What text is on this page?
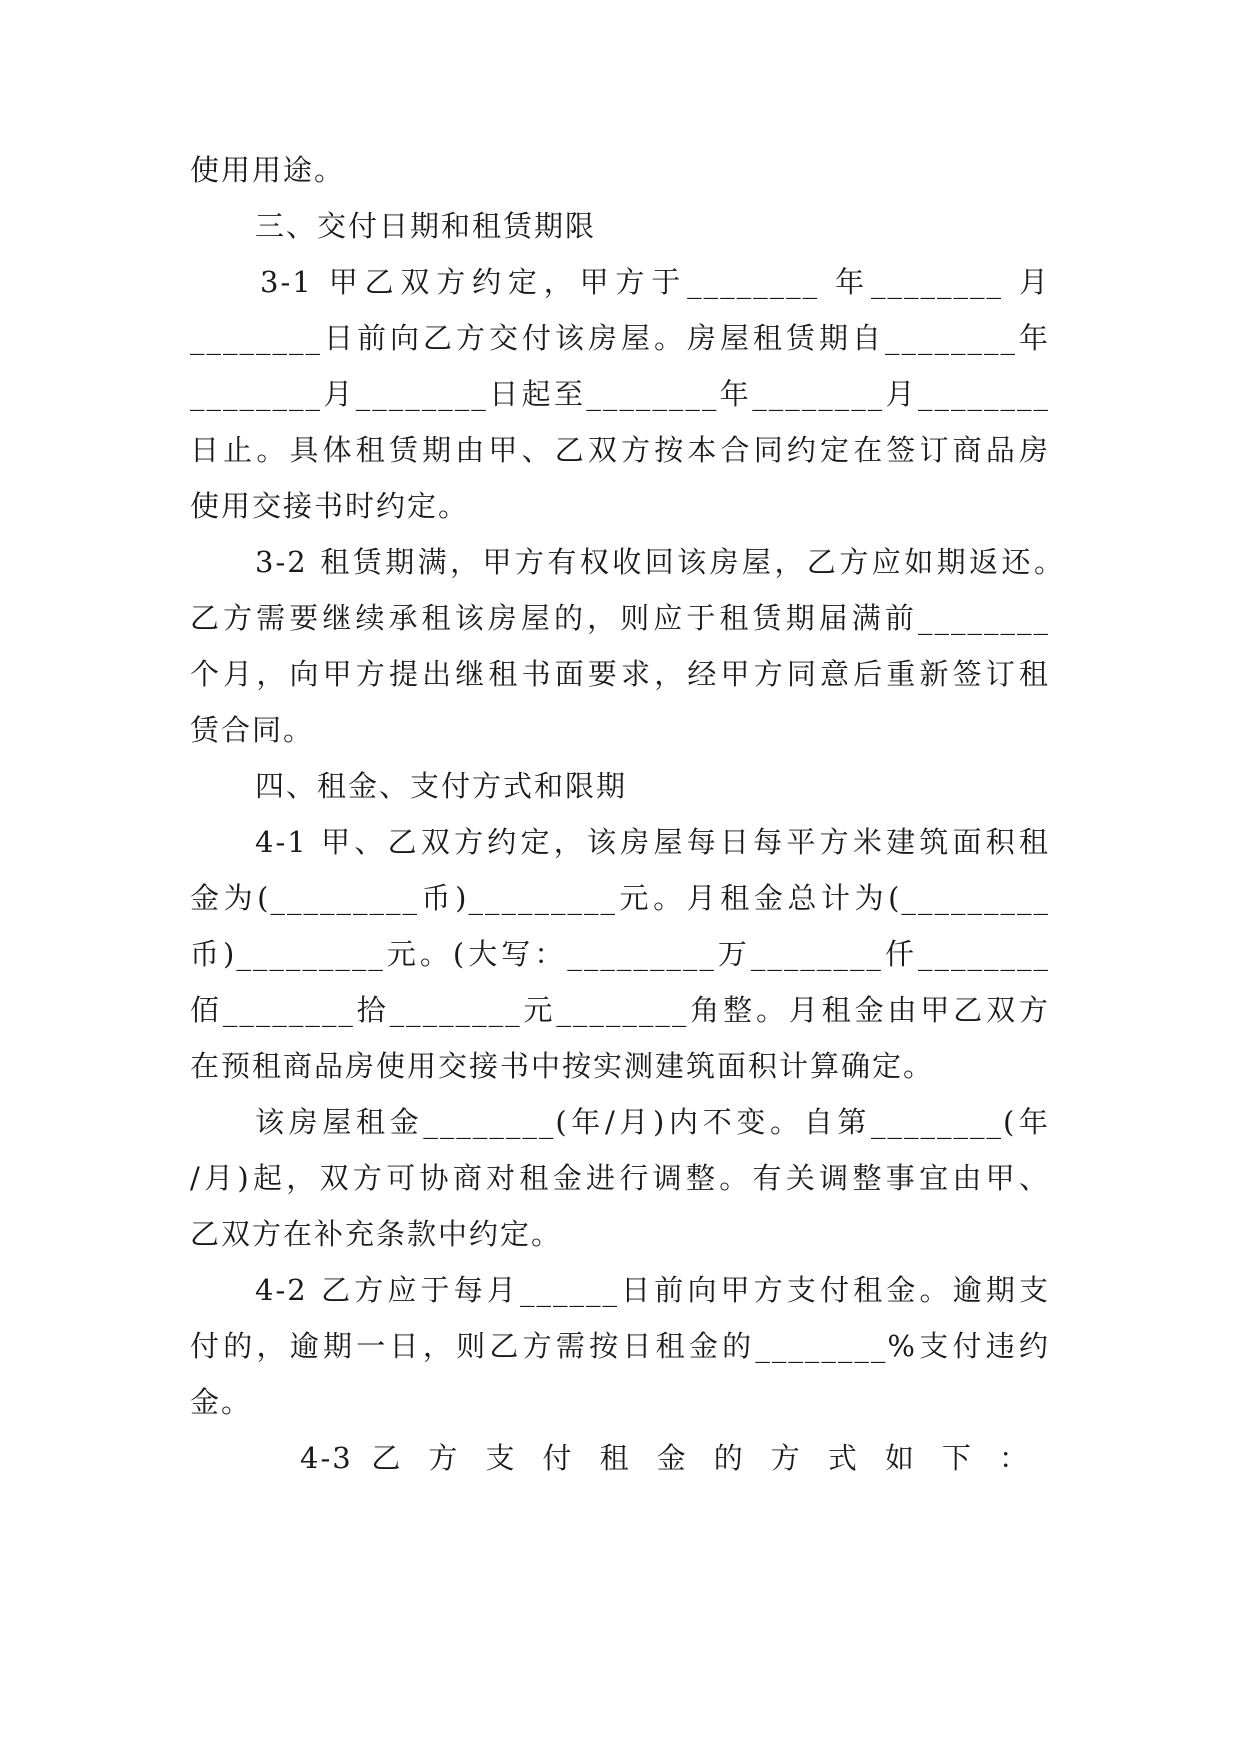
使用用途。
三、交付日期和租赁期限
3-1 甲乙双方约定，甲方于________ 年________ 月
________日前向乙方交付该房屋。房屋租赁期自________年
________月________日起至________年________月________
日止。具体租赁期由甲、乙双方按本合同约定在签订商品房
使用交接书时约定。
3-2 租赁期满，甲方有权收回该房屋，乙方应如期返还。
乙方需要继续承租该房屋的，则应于租赁期届满前________
个月，向甲方提出继租书面要求，经甲方同意后重新签订租
赁合同。
四、租金、支付方式和限期
4-1 甲、乙双方约定，该房屋每日每平方米建筑面积租
金为(_________币)_________元。月租金总计为(_________
币)_________元。(大写：_________万________仟________
佰________拾________元________角整。月租金由甲乙双方
在预租商品房使用交接书中按实测建筑面积计算确定。
该房屋租金________(年/月)内不变。自第________(年
/月)起，双方可协商对租金进行调整。有关调整事宜由甲、
乙双方在补充条款中约定。
4-2 乙方应于每月______日前向甲方支付租金。逾期支
付的，逾期一日，则乙方需按日租金的________%支付违约
金。
4-3 乙 方 支 付 租 金 的 方 式 如 下 ：
